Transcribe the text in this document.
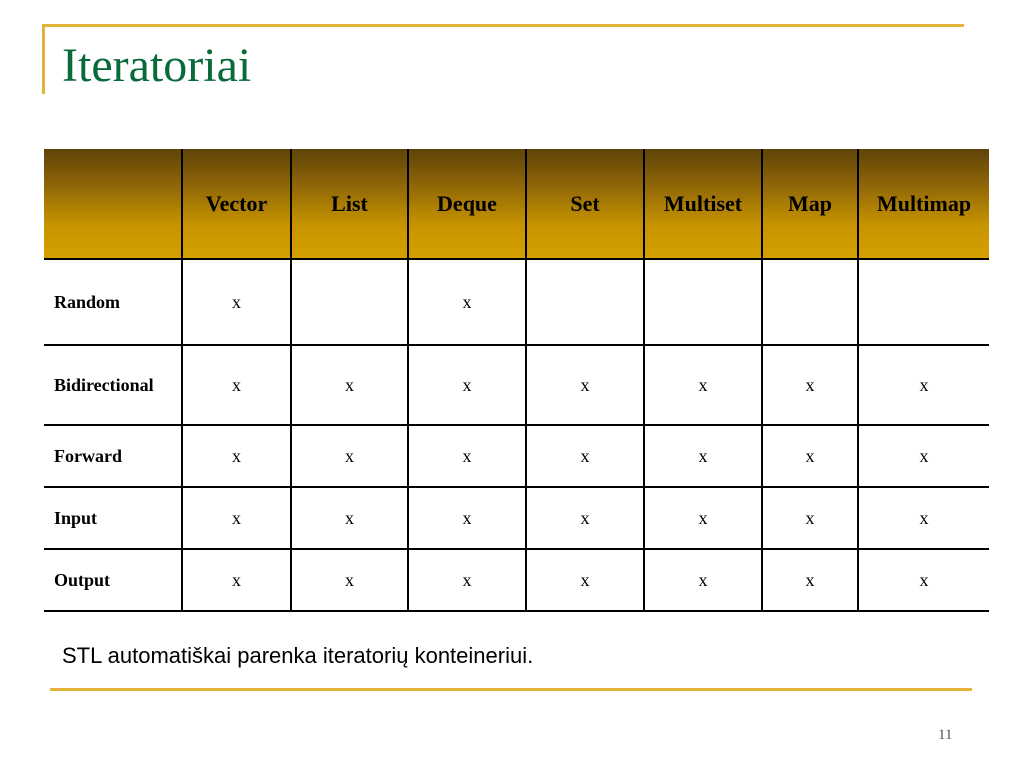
Iteratoriai
	Vector	List	Deque	Set	Multiset	Map	Multimap
Random	x		x				
Bidirectional	x	x	x	x	x	x	x
Forward	x	x	x	x	x	x	x
Input	x	x	x	x	x	x	x
Output	x	x	x	x	x	x	x

STL automatiškai parenka iteratorių konteineriui.

11
